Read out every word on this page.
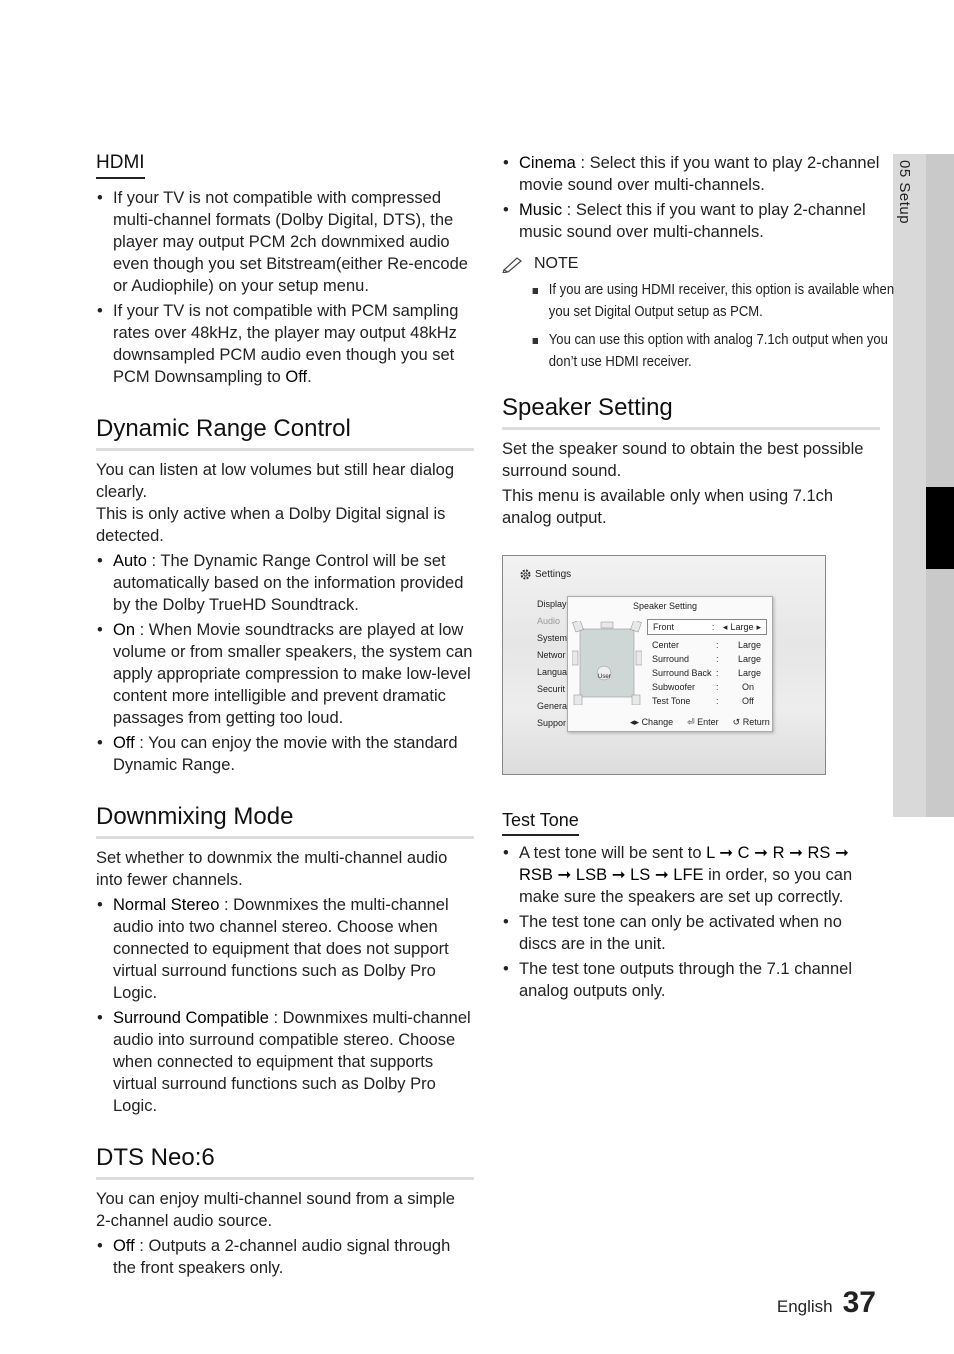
05 Setup
HDMI
• If your TV is not compatible with compressed multi-channel formats (Dolby Digital, DTS), the player may output PCM 2ch downmixed audio even though you set Bitstream(either Re-encode or Audiophile) on your setup menu.
• If your TV is not compatible with PCM sampling rates over 48kHz, the player may output 48kHz downsampled PCM audio even though you set PCM Downsampling to Off.
Dynamic Range Control

You can listen at low volumes but still hear dialog clearly.

This is only active when a Dolby Digital signal is detected.

• Auto : The Dynamic Range Control will be set automatically based on the information provided by the Dolby TrueHD Soundtrack.
• On : When Movie soundtracks are played at low volume or from smaller speakers, the system can apply appropriate compression to make low-level content more intelligible and prevent dramatic passages from getting too loud.
• Off : You can enjoy the movie with the standard Dynamic Range.
Downmixing Mode

Set whether to downmix the multi-channel audio into fewer channels.

• Normal Stereo : Downmixes the multi-channel audio into two channel stereo. Choose when connected to equipment that does not support virtual surround functions such as Dolby Pro Logic.
• Surround Compatible : Downmixes multi-channel audio into surround compatible stereo. Choose when connected to equipment that supports virtual surround functions such as Dolby Pro Logic.
DTS Neo:6

You can enjoy multi-channel sound from a simple 2-channel audio source.

• Off : Outputs a 2-channel audio signal through the front speakers only.
• Cinema : Select this if you want to play 2-channel movie sound over multi-channels.
• Music : Select this if you want to play 2-channel music sound over multi-channels.
NOTE
If you are using HDMI receiver, this option is available when you set Digital Output setup as PCM.
You can use this option with analog 7.1ch output when you don’t use HDMI receiver.
Speaker Setting

Set the speaker sound to obtain the best possible surround sound.

This menu is available only when using 7.1ch analog output.

Settings
Display
Audio
System
Networ
Langua
Securit
Genera
Suppor
Speaker Setting
User
Front	: ◂ Large ▸
Center	:	Large
Surround	:	Large
Surround Back :	Large
Subwoofer	:	On
Test Tone	:	Off
◂▸ Change ⏎ Enter ↺ Return
Test Tone
• A test tone will be sent to L ➞ C ➞ R ➞ RS ➞ RSB ➞ LSB ➞ LS ➞ LFE in order, so you can make sure the speakers are set up correctly.
• The test tone can only be activated when no discs are in the unit.
• The test tone outputs through the 7.1 channel analog outputs only.
English 37
